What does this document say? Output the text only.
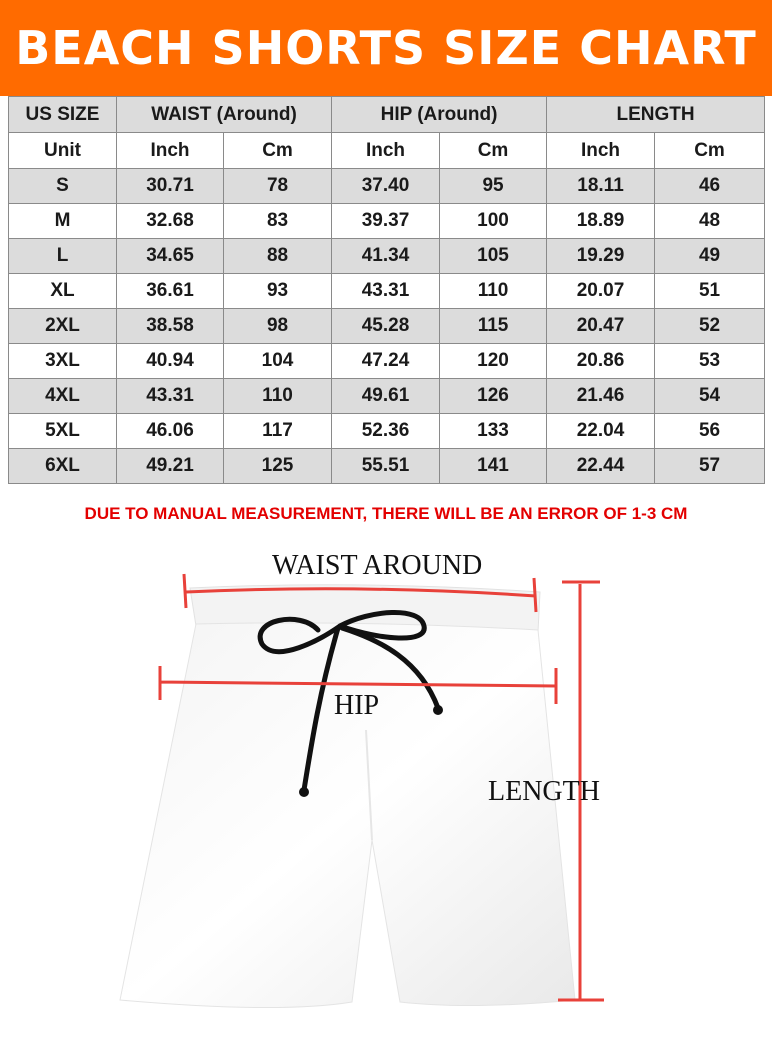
BEACH SHORTS SIZE CHART
US SIZE	WAIST (Around)		HIP (Around)		LENGTH	
Unit	Inch	Cm	Inch	Cm	Inch	Cm
S	30.71	78	37.40	95	18.11	46
M	32.68	83	39.37	100	18.89	48
L	34.65	88	41.34	105	19.29	49
XL	36.61	93	43.31	110	20.07	51
2XL	38.58	98	45.28	115	20.47	52
3XL	40.94	104	47.24	120	20.86	53
4XL	43.31	110	49.61	126	21.46	54
5XL	46.06	117	52.36	133	22.04	56
6XL	49.21	125	55.51	141	22.44	57
DUE TO MANUAL MEASUREMENT, THERE WILL BE AN ERROR OF 1-3 CM
WAIST AROUND
HIP
LENGTH
